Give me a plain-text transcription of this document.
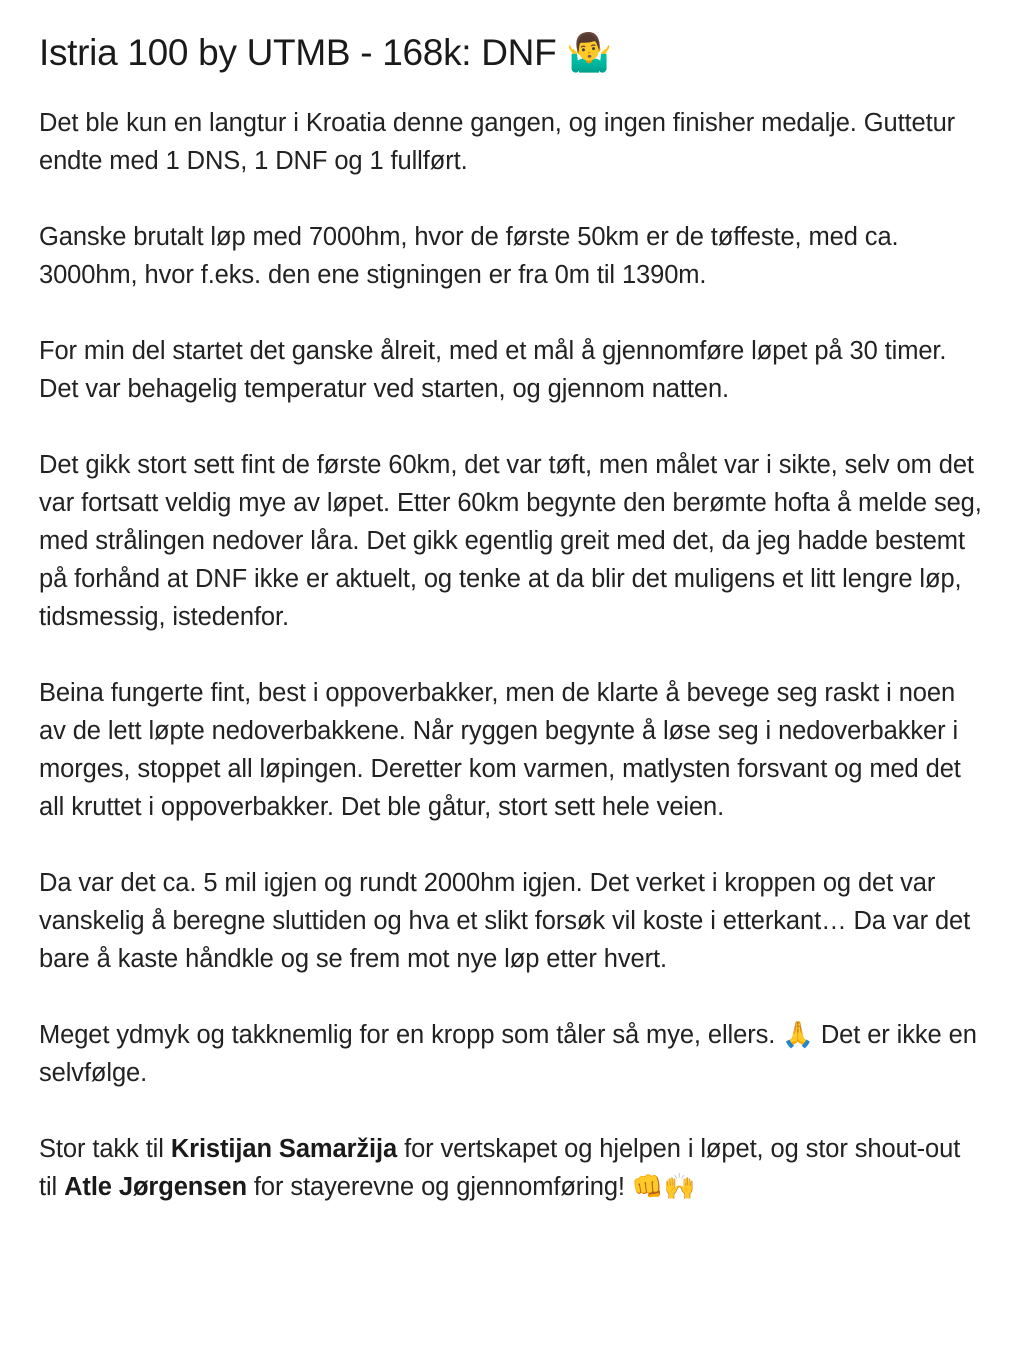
Istria 100 by UTMB - 168k: DNF 🤷‍♂️

Det ble kun en langtur i Kroatia denne gangen, og ingen finisher medalje. Guttetur endte med 1 DNS, 1 DNF og 1 fullført.

Ganske brutalt løp med 7000hm, hvor de første 50km er de tøffeste, med ca. 3000hm, hvor f.eks. den ene stigningen er fra 0m til 1390m.

For min del startet det ganske ålreit, med et mål å gjennomføre løpet på 30 timer. Det var behagelig temperatur ved starten, og gjennom natten.

Det gikk stort sett fint de første 60km, det var tøft, men målet var i sikte, selv om det var fortsatt veldig mye av løpet. Etter 60km begynte den berømte hofta å melde seg, med strålingen nedover låra. Det gikk egentlig greit med det, da jeg hadde bestemt på forhånd at DNF ikke er aktuelt, og tenke at da blir det muligens et litt lengre løp, tidsmessig, istedenfor.

Beina fungerte fint, best i oppoverbakker, men de klarte å bevege seg raskt i noen av de lett løpte nedoverbakkene. Når ryggen begynte å løse seg i nedoverbakker i morges, stoppet all løpingen. Deretter kom varmen, matlysten forsvant og med det all kruttet i oppoverbakker. Det ble gåtur, stort sett hele veien.

Da var det ca. 5 mil igjen og rundt 2000hm igjen. Det verket i kroppen og det var vanskelig å beregne sluttiden og hva et slikt forsøk vil koste i etterkant… Da var det bare å kaste håndkle og se frem mot nye løp etter hvert.

Meget ydmyk og takknemlig for en kropp som tåler så mye, ellers. 🙏 Det er ikke en selvfølge.

Stor takk til Kristijan Samaržija for vertskapet og hjelpen i løpet, og stor shout-out til Atle Jørgensen for stayerevne og gjennomføring! 👊🙌
